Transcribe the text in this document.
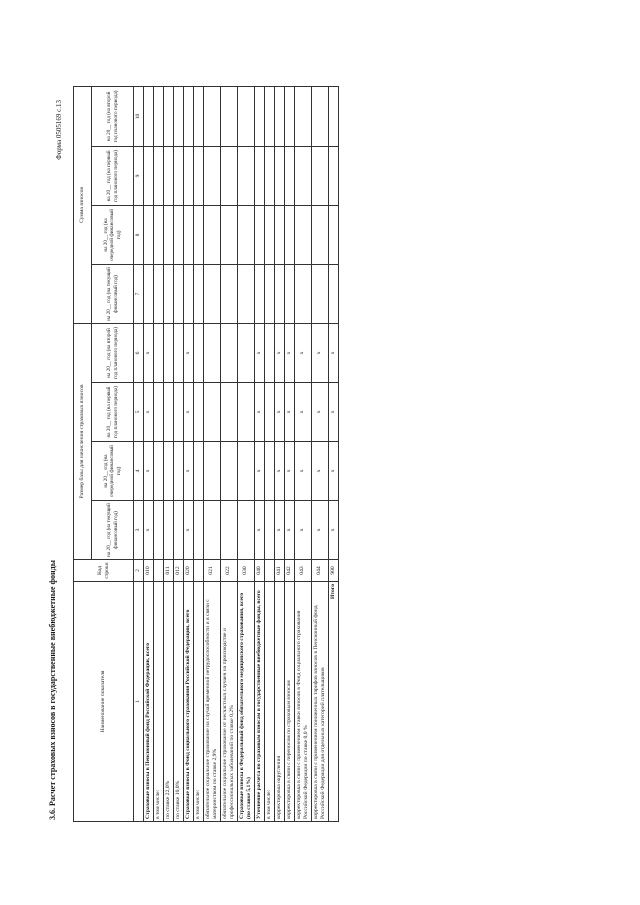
3.6. Расчет страховых взносов в государственные внебюджетные фонды
Форма 0505169 с.13
Наименование показателя	Код строки	Размер базы для начисления страховых взносов				Сумма взносов			
		на 20__ год (на текущий финансовый год)	на 20__ год (на очередной финансовый год)	на 20__ год (на первый год планового периода)	на 20__ год (на второй год планового периода)	на 20__ год (на текущий финансовый год)	на 20__ год (на очередной финансовый год)	на 20__ год (на первый год планового периода)	на 20__ год (на второй год планового периода)
1	2	3	4	5	6	7	8	9	10
Страховые взносы в Пенсионный фонд Российской Федерации, всего	010	x	x	x	x				
в том числе:									
по ставке 22,0%	011								
по ставке 10,0%	012								
Страховые взносы в Фонд социального страхования Российской Федерации, всего	020	x	x	x	x				
в том числе:									
обязательное социальное страхование на случай временной нетрудоспособности и в связи с материнством по ставке 2,9%	021								
обязательное социальное страхование от несчастных случаев на производстве и профессиональных заболеваний по ставке 0,2%	022								
Страховые взносы в Федеральный фонд обязательного медицинского страхования, всего (по ставке 5,1%)	030								
Уточнение расчета по страховым взносам в государственные внебюджетные фонды, всего	040	x	x	x	x				
в том числе:									
корректировка округления	041	x	x	x	x				
корректировка в связи с переносом по страховым взносам	042	x	x	x	x				
корректировка в связи с применением ставки взносов в Фонд социального страхования Российской Федерации по ставке 0,0 %	043	x	x	x	x				
корректировка в связи с применением пониженных тарифов взносов в Пенсионный фонд Российской Федерации для отдельных категорий плательщиков	044	x	x	x	x				
Итого	900	x	x	x	x				
